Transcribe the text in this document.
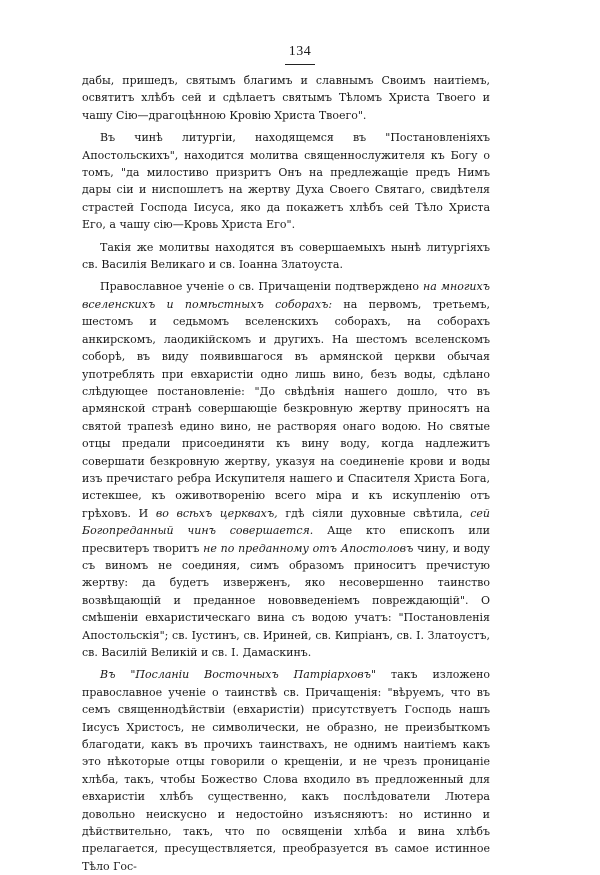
134

дабы, пришедъ, святымъ благимъ и славнымъ Своимъ наитiемъ, освятитъ хлѣбъ сей и сдѣлаетъ святымъ Тѣломъ Христа Твоего и чашу Сiю—драгоцѣнною Кровiю Христа Твоего".

Въ чинѣ литургiи, находящемся въ "Постановленiяхъ Апостольскихъ", находится молитва священнослужителя къ Богу о томъ, "да милостиво призритъ Онъ на предлежащiе предъ Нимъ дары сiи и ниспошлетъ на жертву Духа Своего Святаго, свидѣтеля страстей Господа Iисуса, яко да покажетъ хлѣбъ сей Тѣло Христа Его, а чашу сiю—Кровь Христа Его".

Такiя же молитвы находятся въ совершаемыхъ нынѣ литургiяхъ св. Василiя Великаго и св. Iоанна Златоуста.

Православное ученiе о св. Причащенiи подтверждено на многихъ вселенскихъ и помѣстныхъ соборахъ: на первомъ, третьемъ, шестомъ и седьмомъ вселенскихъ соборахъ, на соборахъ анкирскомъ, лаодикiйскомъ и другихъ. На шестомъ вселенскомъ соборѣ, въ виду появившагося въ армянской церкви обычая употреблять при евхаристiи одно лишь вино, безъ воды, сдѣлано слѣдующее постановленiе: "До свѣдѣнiя нашего дошло, что въ армянской странѣ совершающiе безкровную жертву приносятъ на святой трапезѣ едино вино, не растворяя онаго водою. Но святые отцы предали присоединяти къ вину воду, когда надлежитъ совершати безкровную жертву, указуя на соединенiе крови и воды изъ пречистаго ребра Искупителя нашего и Спасителя Христа Бога, истекшее, къ оживотворенiю всего мiра и къ искупленiю отъ грѣховъ. И во всѣхъ церквахъ, гдѣ сiяли духовные свѣтила, сей Богопреданный чинъ совершается. Аще кто епископъ или пресвитеръ творитъ не по преданному отъ Апостоловъ чину, и воду съ виномъ не соединяя, симъ образомъ приноситъ пречистую жертву: да будетъ изверженъ, яко несовершенно таинство возвѣщающiй и преданное нововведенiемъ повреждающiй". О смѣшенiи евхаристическаго вина съ водою учатъ: "Постановленiя Апостольскiя"; св. Iустинъ, св. Ириней, св. Кипрiанъ, св. I. Златоустъ, св. Василiй Великiй и св. I. Дамаскинъ.

Въ "Посланiи Восточныхъ Патрiарховъ" такъ изложено православное ученiе о таинствѣ св. Причащенiя: "вѣруемъ, что въ семъ священнодѣйствiи (евхаристiи) присутствуетъ Господь нашъ Iисусъ Христосъ, не символически, не образно, не преизбыткомъ благодати, какъ въ прочихъ таинствахъ, не однимъ наитiемъ какъ это нѣкоторые отцы говорили о крещенiи, и не чрезъ проницанiе хлѣба, такъ, чтобы Божество Слова входило въ предложенный для евхаристiи хлѣбъ существенно, какъ послѣдователи Лютера довольно неискусно и недостойно изъясняютъ: но истинно и дѣйствительно, такъ, что по освященiи хлѣба и вина хлѣбъ прелагается, пресуществляется, преобразуется въ самое истинное Тѣло Гос-
